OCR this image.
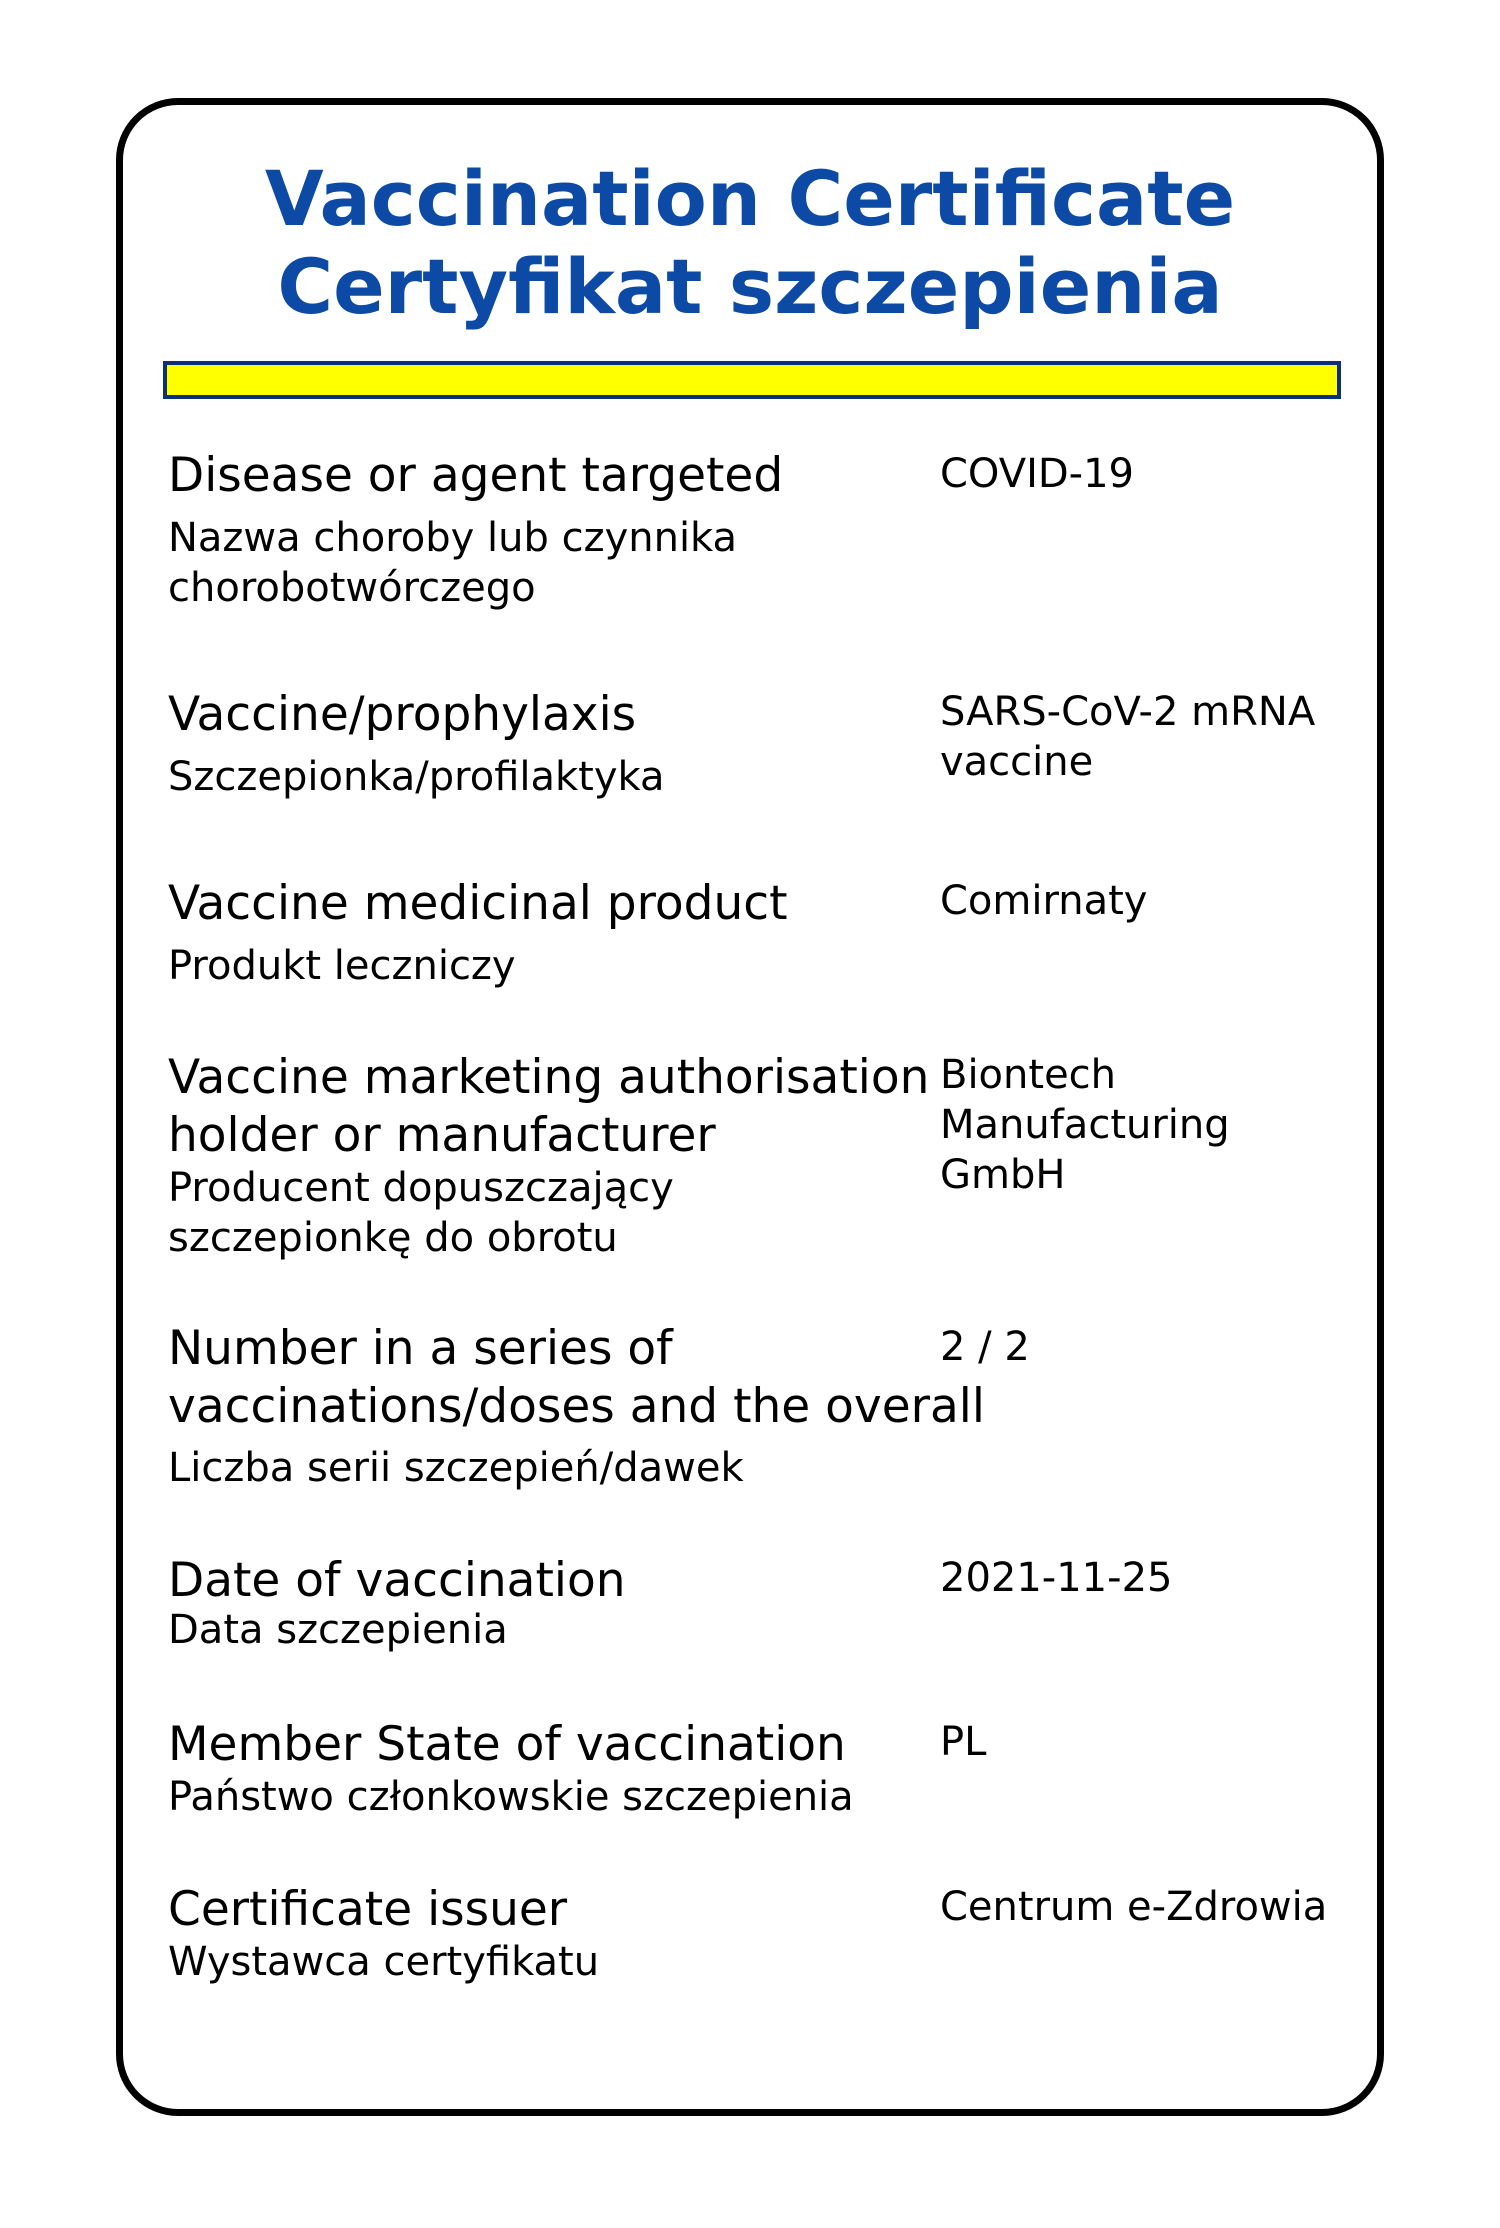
Vaccination Certificate
Certyfikat szczepienia
Disease or agent targeted
Nazwa choroby lub czynnika chorobotwórczego
COVID-19
Vaccine/prophylaxis
Szczepionka/profilaktyka
SARS-CoV-2 mRNA vaccine
Vaccine medicinal product
Produkt leczniczy
Comirnaty
Vaccine marketing authorisation
holder or manufacturer
Producent dopuszczający szczepionkę do obrotu
Biontech Manufacturing GmbH
Number in a series of
vaccinations/doses and the overall
Liczba serii szczepień/dawek
2 / 2
Date of vaccination
Data szczepienia
2021-11-25
Member State of vaccination
Państwo członkowskie szczepienia
PL
Certificate issuer
Wystawca certyfikatu
Centrum e-Zdrowia
